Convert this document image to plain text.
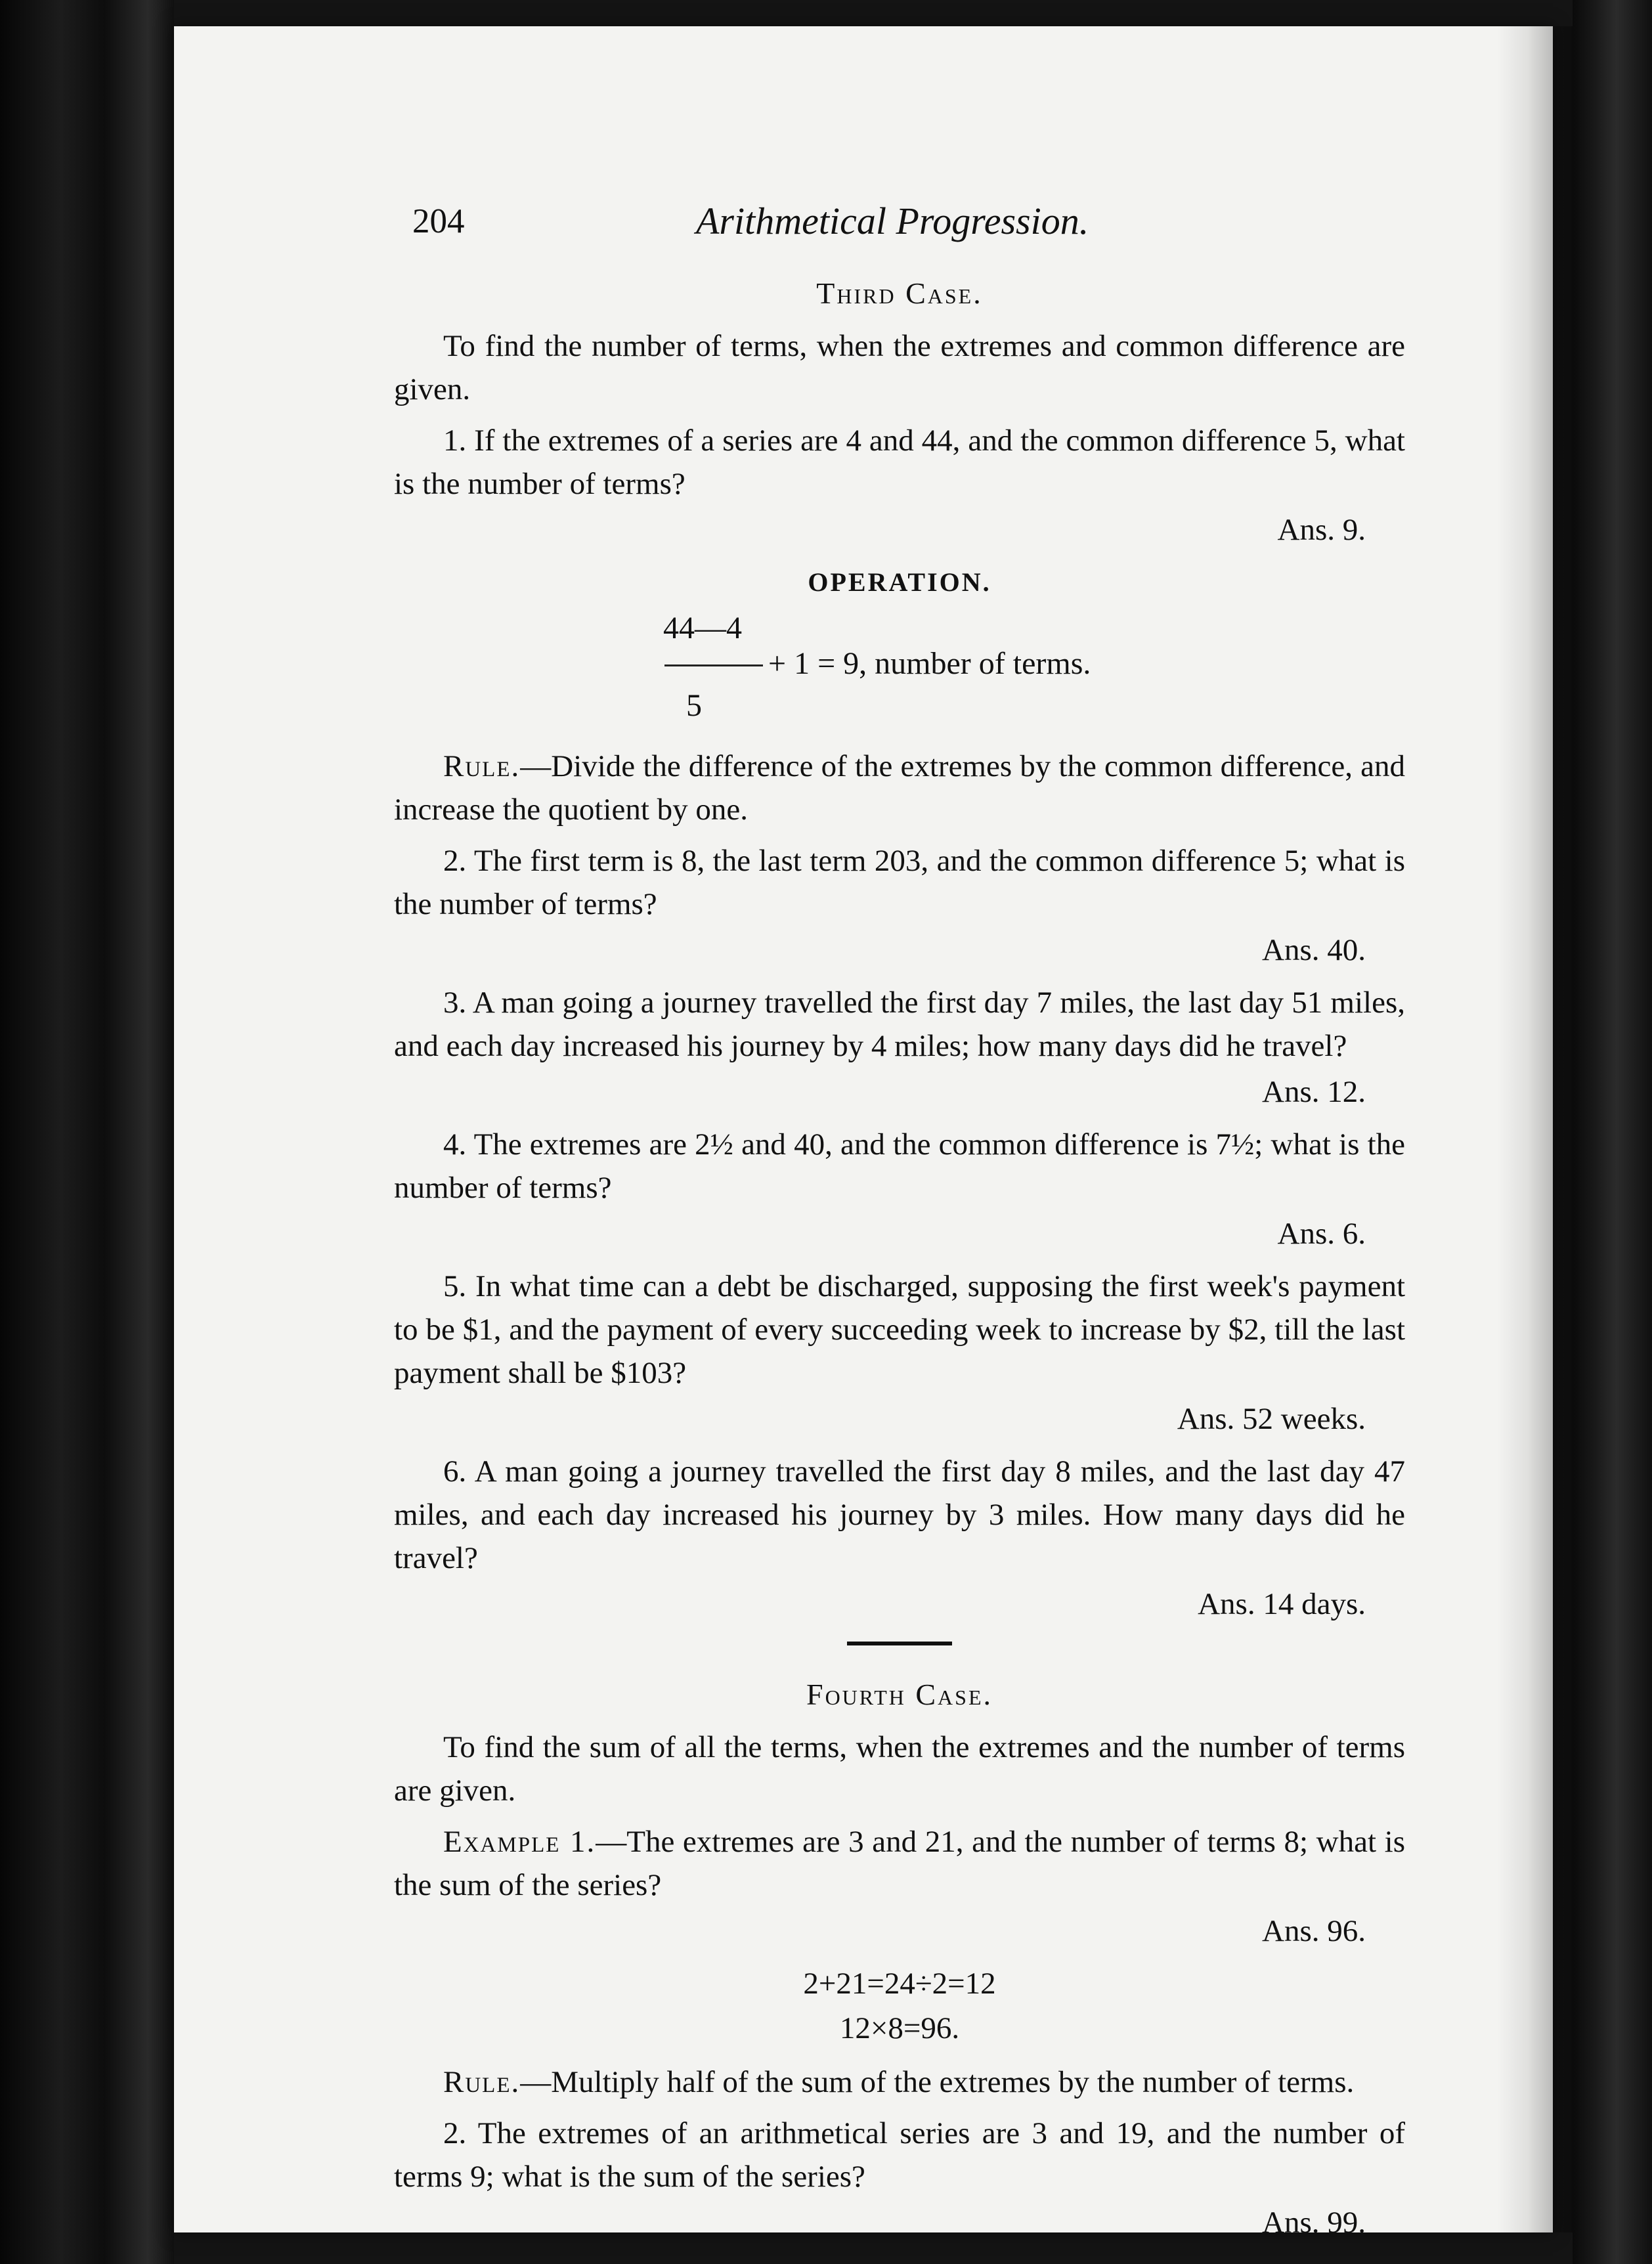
204	Arithmetical Progression.
Third Case.

To find the number of terms, when the extremes and common difference are given.

1. If the extremes of a series are 4 and 44, and the common difference 5, what is the number of terms?

Ans. 9.
OPERATION.
44—4
+ 1 = 9, number of terms.
5

Rule.—Divide the difference of the extremes by the common difference, and increase the quotient by one.

2. The first term is 8, the last term 203, and the common difference 5; what is the number of terms?

Ans. 40.

3. A man going a journey travelled the first day 7 miles, the last day 51 miles, and each day increased his journey by 4 miles; how many days did he travel?

Ans. 12.

4. The extremes are 2½ and 40, and the common difference is 7½; what is the number of terms?

Ans. 6.

5. In what time can a debt be discharged, supposing the first week's payment to be $1, and the payment of every succeeding week to increase by $2, till the last payment shall be $103?

Ans. 52 weeks.

6. A man going a journey travelled the first day 8 miles, and the last day 47 miles, and each day increased his journey by 3 miles. How many days did he travel?

Ans. 14 days.
Fourth Case.

To find the sum of all the terms, when the extremes and the number of terms are given.

Example 1.—The extremes are 3 and 21, and the number of terms 8; what is the sum of the series?

Ans. 96.
2+21=24÷2=12
12×8=96.

Rule.—Multiply half of the sum of the extremes by the number of terms.

2. The extremes of an arithmetical series are 3 and 19, and the number of terms 9; what is the sum of the series?

Ans. 99.
